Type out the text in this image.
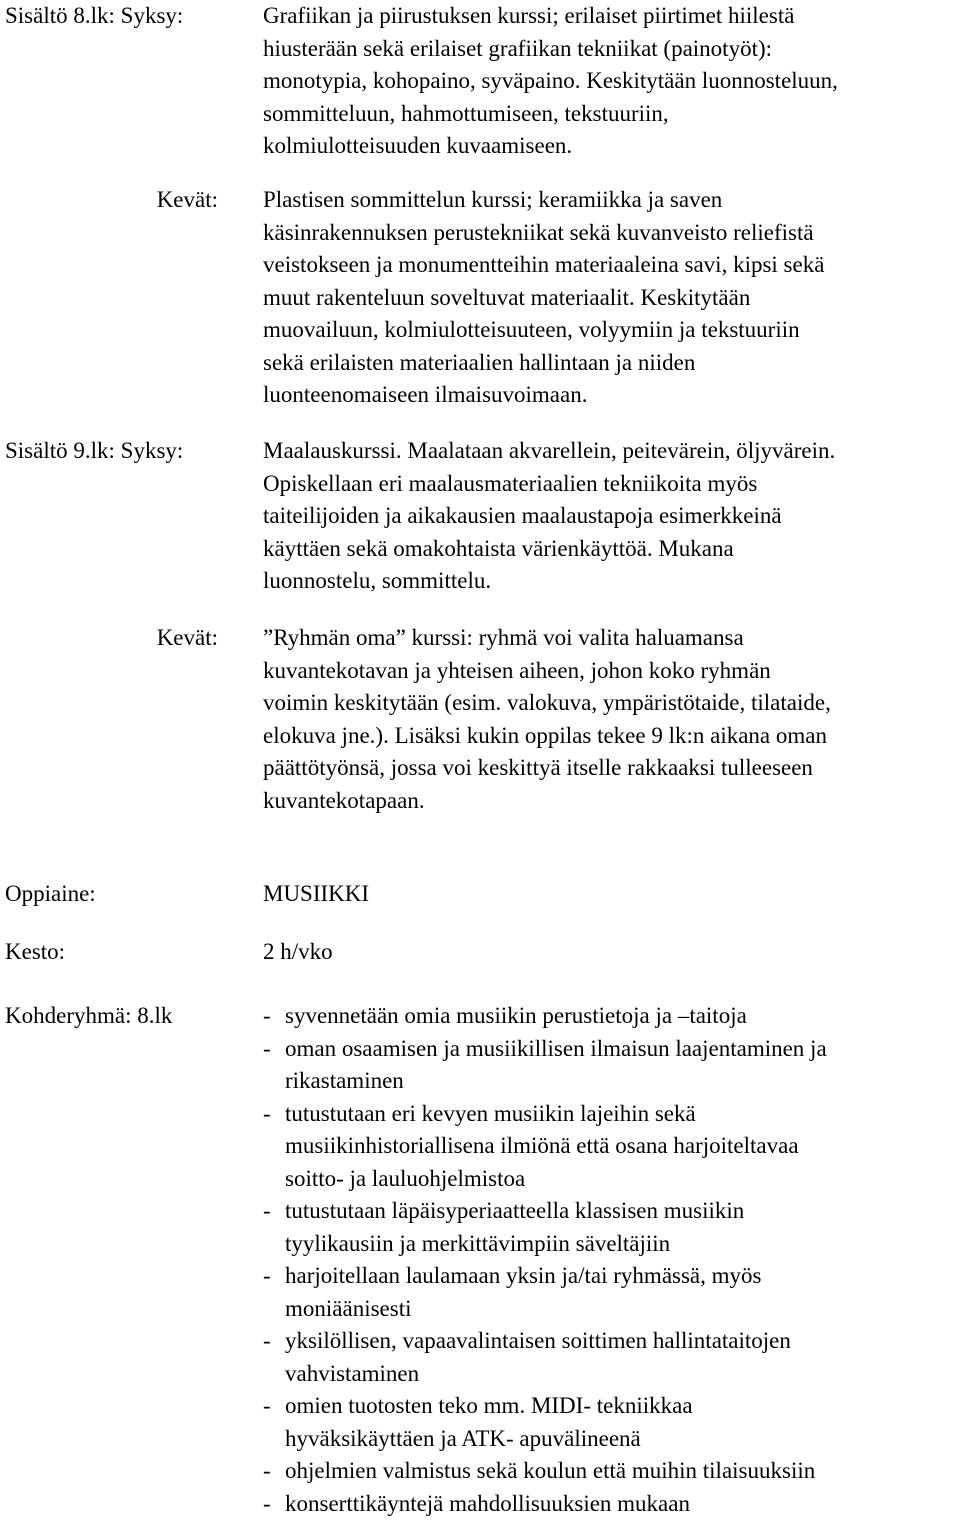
Sisältö 8.lk: Syksy:	Grafiikan ja piirustuksen kurssi; erilaiset piirtimet hiilestä
hiusterään sekä erilaiset grafiikan tekniikat (painotyöt):
monotypia, kohopaino, syväpaino. Keskitytään luonnosteluun,
sommitteluun, hahmottumiseen, tekstuuriin,
kolmiulotteisuuden kuvaamiseen.
Kevät: Plastisen sommittelun kurssi; keramiikka ja saven
käsinrakennuksen perustekniikat sekä kuvanveisto reliefistä
veistokseen ja monumentteihin materiaaleina savi, kipsi sekä
muut rakenteluun soveltuvat materiaalit. Keskitytään
muovailuun, kolmiulotteisuuteen, volyymiin ja tekstuuriin
sekä erilaisten materiaalien hallintaan ja niiden
luonteenomaiseen ilmaisuvoimaan.
Sisältö 9.lk: Syksy:	Maalauskurssi. Maalataan akvarellein, peitevärein, öljyvärein.
Opiskellaan eri maalausmateriaalien tekniikoita myös
taiteilijoiden ja aikakausien maalaustapoja esimerkkeinä
käyttäen sekä omakohtaista värienkäyttöä. Mukana
luonnostelu, sommittelu.
Kevät: ”Ryhmän oma” kurssi: ryhmä voi valita haluamansa
kuvantekotavan ja yhteisen aiheen, johon koko ryhmän
voimin keskitytään (esim. valokuva, ympäristötaide, tilataide,
elokuva jne.). Lisäksi kukin oppilas tekee 9 lk:n aikana oman
päättötyönsä, jossa voi keskittyä itselle rakkaaksi tulleeseen
kuvantekotapaan.
Oppiaine:	MUSIIKKI
Kesto:	2 h/vko
Kohderyhmä: 8.lk	- syvennetään omia musiikin perustietoja ja –taitoja
- oman osaamisen ja musiikillisen ilmaisun laajentaminen ja
rikastaminen
- tutustutaan eri kevyen musiikin lajeihin sekä
musiikinhistoriallisena ilmiönä että osana harjoiteltavaa
soitto- ja lauluohjelmistoa
- tutustutaan läpäisyperiaatteella klassisen musiikin
tyylikausiin ja merkittävimpiin säveltäjiin
- harjoitellaan laulamaan yksin ja/tai ryhmässä, myös
moniäänisesti
- yksilöllisen, vapaavalintaisen soittimen hallintataitojen
vahvistaminen
- omien tuotosten teko mm. MIDI- tekniikkaa
hyväksikäyttäen ja ATK- apuvälineenä
- ohjelmien valmistus sekä koulun että muihin tilaisuuksiin
- konserttikäyntejä mahdollisuuksien mukaan
